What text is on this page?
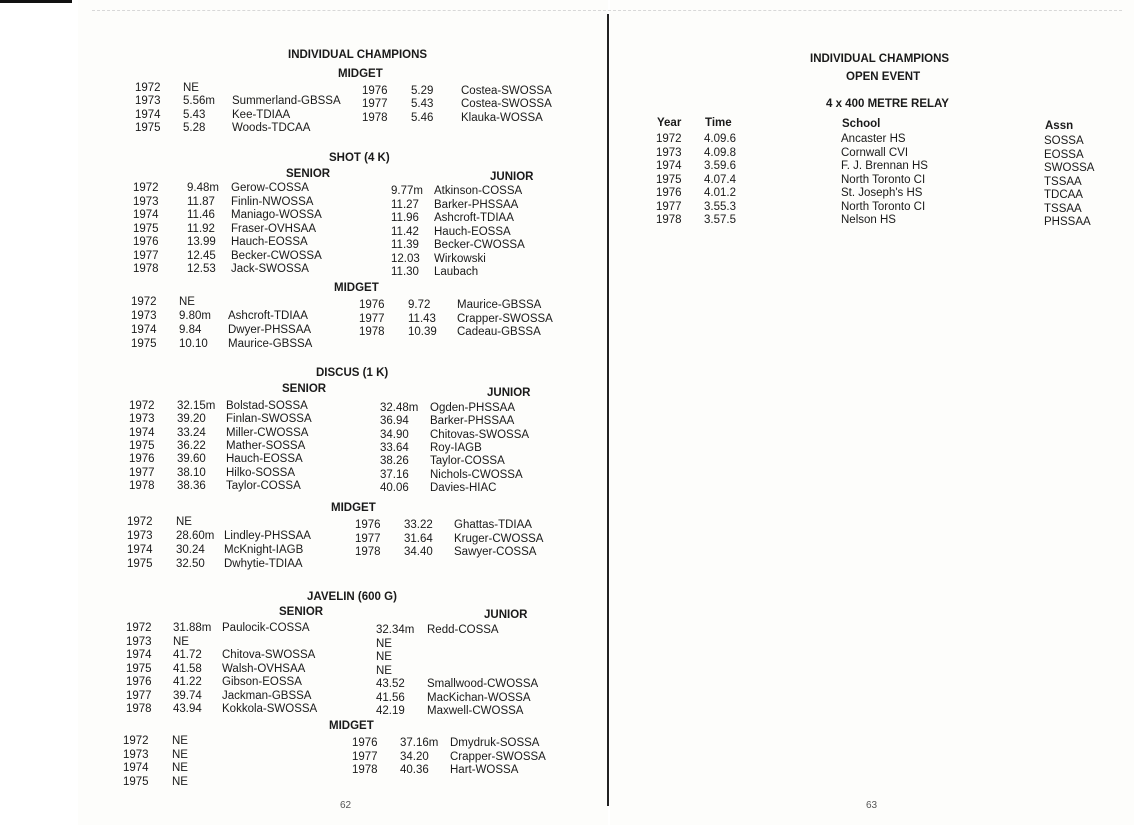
INDIVIDUAL CHAMPIONS
MIDGET
1972 NE
1973 5.56m Summerland-GBSSA
1974 5.43 Kee-TDIAA
1975 5.28 Woods-TDCAA
1976 5.29 Costea-SWOSSA
1977 5.43 Costea-SWOSSA
1978 5.46 Klauka-WOSSA
SHOT (4 K)
SENIOR	JUNIOR
1972 9.48m Gerow-COSSA
1973 11.87 Finlin-NWOSSA
1974 11.46 Maniago-WOSSA
1975 11.92 Fraser-OVHSAA
1976 13.99 Hauch-EOSSA
1977 12.45 Becker-CWOSSA
1978 12.53 Jack-SWOSSA
9.77m Atkinson-COSSA
11.27 Barker-PHSSAA
11.96 Ashcroft-TDIAA
11.42 Hauch-EOSSA
11.39 Becker-CWOSSA
12.03 Wirkowski
11.30 Laubach
MIDGET
1972 NE
1973 9.80m Ashcroft-TDIAA
1974 9.84 Dwyer-PHSSAA
1975 10.10 Maurice-GBSSA
1976 9.72 Maurice-GBSSA
1977 11.43 Crapper-SWOSSA
1978 10.39 Cadeau-GBSSA
DISCUS (1 K)
SENIOR	JUNIOR
1972 32.15m Bolstad-SOSSA
1973 39.20 Finlan-SWOSSA
1974 33.24 Miller-CWOSSA
1975 36.22 Mather-SOSSA
1976 39.60 Hauch-EOSSA
1977 38.10 Hilko-SOSSA
1978 38.36 Taylor-COSSA
32.48m Ogden-PHSSAA
36.94 Barker-PHSSAA
34.90 Chitovas-SWOSSA
33.64 Roy-IAGB
38.26 Taylor-COSSA
37.16 Nichols-CWOSSA
40.06 Davies-HIAC
MIDGET
1972 NE
1973 28.60m Lindley-PHSSAA
1974 30.24 McKnight-IAGB
1975 32.50 Dwhytie-TDIAA
1976 33.22 Ghattas-TDIAA
1977 31.64 Kruger-CWOSSA
1978 34.40 Sawyer-COSSA
JAVELIN (600 G)
SENIOR	JUNIOR
1972 31.88m Paulocik-COSSA
1973 NE
1974 41.72 Chitova-SWOSSA
1975 41.58 Walsh-OVHSAA
1976 41.22 Gibson-EOSSA
1977 39.74 Jackman-GBSSA
1978 43.94 Kokkola-SWOSSA
32.34m Redd-COSSA
NE
NE
NE
43.52 Smallwood-CWOSSA
41.56 MacKichan-WOSSA
42.19 Maxwell-CWOSSA
MIDGET
1972 NE
1973 NE
1974 NE
1975 NE
1976 37.16m Dmydruk-SOSSA
1977 34.20 Crapper-SWOSSA
1978 40.36 Hart-WOSSA
62
INDIVIDUAL CHAMPIONS
OPEN EVENT
4 x 400 METRE RELAY
Year Time	School	Assn
1972 4.09.6	Ancaster HS	SOSSA
1973 4.09.8	Cornwall CVI	EOSSA
1974 3.59.6	F. J. Brennan HS	SWOSSA
1975 4.07.4	North Toronto CI	TSSAA
1976 4.01.2	St. Joseph's HS	TDCAA
1977 3.55.3	North Toronto CI	TSSAA
1978 3.57.5	Nelson HS	PHSSAA
63
